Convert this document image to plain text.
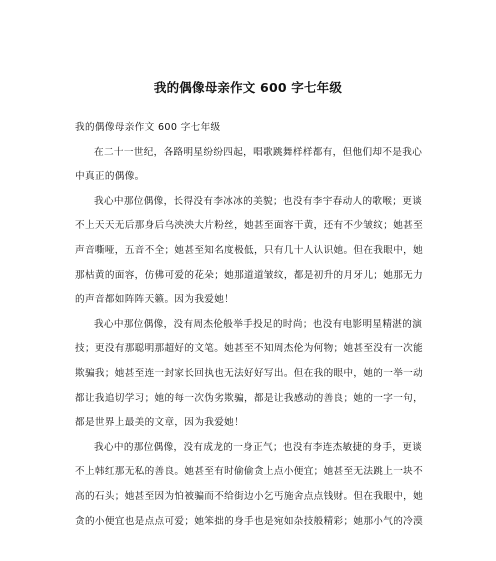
我的偶像母亲作文 600 字七年级
我的偶像母亲作文 600 字七年级
在二十一世纪，各路明星纷纷四起，唱歌跳舞样样都有，但他们却不是我心
中真正的偶像。
我心中那位偶像，长得没有李冰冰的美貌；也没有李宇春动人的歌喉；更谈
不上天天无后那身后乌泱泱大片粉丝，她甚至面容干黄，还有不少皱纹；她甚至
声音嘶哑，五音不全；她甚至知名度极低，只有几十人认识她。但在我眼中，她
那枯黄的面容，仿佛可爱的花朵；她那道道皱纹，都是初升的月牙儿；她那无力
的声音都如阵阵天籁。因为我爱她！
我心中那位偶像，没有周杰伦般举手投足的时尚；也没有电影明星精湛的演
技；更没有那聪明那超好的文笔。她甚至不知周杰伦为何物；她甚至没有一次能
欺骗我；她甚至连一封家长回执也无法好好写出。但在我的眼中，她的一举一动
都让我追切学习；她的每一次伪劣欺骗，都是让我感动的善良；她的一字一句，
都是世界上最美的文章，因为我爱她！
我心中的那位偶像，没有成龙的一身正气；也没有李连杰敏捷的身手，更谈
不上韩红那无私的善良。她甚至有时偷偷贪上点小便宜；她甚至无法跳上一块不
高的石头；她甚至因为怕被骗而不给街边小乞丐施舍点点钱财。但在我眼中，她
贪的小便宜也是点点可爱；她笨拙的身手也是宛如杂技般精彩；她那小气的冷漠
